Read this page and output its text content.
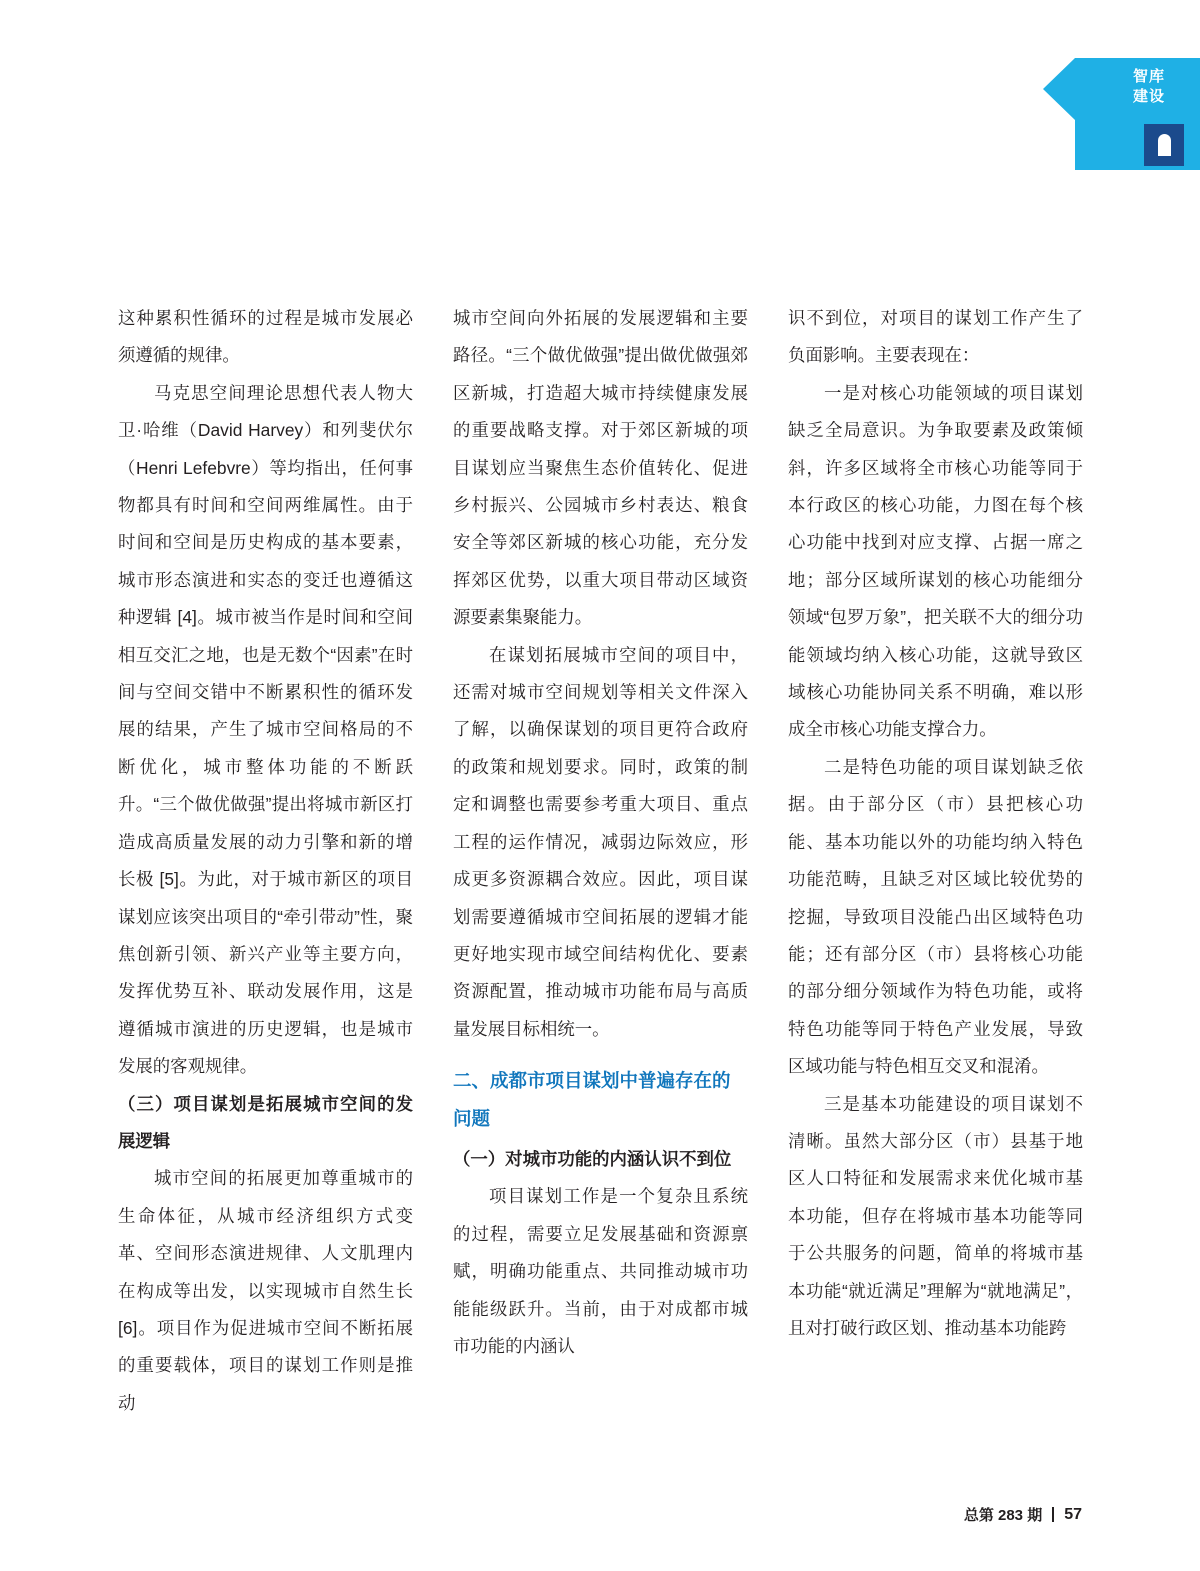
智库
建设

这种累积性循环的过程是城市发展必须遵循的规律。

马克思空间理论思想代表人物大卫·哈维（David Harvey）和列斐伏尔（Henri Lefebvre）等均指出，任何事物都具有时间和空间两维属性。由于时间和空间是历史构成的基本要素，城市形态演进和实态的变迁也遵循这种逻辑 [4]。城市被当作是时间和空间相互交汇之地，也是无数个“因素”在时间与空间交错中不断累积性的循环发展的结果，产生了城市空间格局的不断优化，城市整体功能的不断跃升。“三个做优做强”提出将城市新区打造成高质量发展的动力引擎和新的增长极 [5]。为此，对于城市新区的项目谋划应该突出项目的“牵引带动”性，聚焦创新引领、新兴产业等主要方向，发挥优势互补、联动发展作用，这是遵循城市演进的历史逻辑，也是城市发展的客观规律。

（三）项目谋划是拓展城市空间的发展逻辑

城市空间的拓展更加尊重城市的生命体征，从城市经济组织方式变革、空间形态演进规律、人文肌理内在构成等出发，以实现城市自然生长 [6]。项目作为促进城市空间不断拓展的重要载体，项目的谋划工作则是推动

城市空间向外拓展的发展逻辑和主要路径。“三个做优做强”提出做优做强郊区新城，打造超大城市持续健康发展的重要战略支撑。对于郊区新城的项目谋划应当聚焦生态价值转化、促进乡村振兴、公园城市乡村表达、粮食安全等郊区新城的核心功能，充分发挥郊区优势，以重大项目带动区域资源要素集聚能力。

在谋划拓展城市空间的项目中，还需对城市空间规划等相关文件深入了解，以确保谋划的项目更符合政府的政策和规划要求。同时，政策的制定和调整也需要参考重大项目、重点工程的运作情况，减弱边际效应，形成更多资源耦合效应。因此，项目谋划需要遵循城市空间拓展的逻辑才能更好地实现市域空间结构优化、要素资源配置，推动城市功能布局与高质量发展目标相统一。

二、成都市项目谋划中普遍存在的问题

（一）对城市功能的内涵认识不到位

项目谋划工作是一个复杂且系统的过程，需要立足发展基础和资源禀赋，明确功能重点、共同推动城市功能能级跃升。当前，由于对成都市城市功能的内涵认

识不到位，对项目的谋划工作产生了负面影响。主要表现在：

一是对核心功能领域的项目谋划缺乏全局意识。为争取要素及政策倾斜，许多区域将全市核心功能等同于本行政区的核心功能，力图在每个核心功能中找到对应支撑、占据一席之地；部分区域所谋划的核心功能细分领域“包罗万象”，把关联不大的细分功能领域均纳入核心功能，这就导致区域核心功能协同关系不明确，难以形成全市核心功能支撑合力。

二是特色功能的项目谋划缺乏依据。由于部分区（市）县把核心功能、基本功能以外的功能均纳入特色功能范畴，且缺乏对区域比较优势的挖掘，导致项目没能凸出区域特色功能；还有部分区（市）县将核心功能的部分细分领域作为特色功能，或将特色功能等同于特色产业发展，导致区域功能与特色相互交叉和混淆。

三是基本功能建设的项目谋划不清晰。虽然大部分区（市）县基于地区人口特征和发展需求来优化城市基本功能，但存在将城市基本功能等同于公共服务的问题，简单的将城市基本功能“就近满足”理解为“就地满足”，且对打破行政区划、推动基本功能跨

总第 283 期 57
